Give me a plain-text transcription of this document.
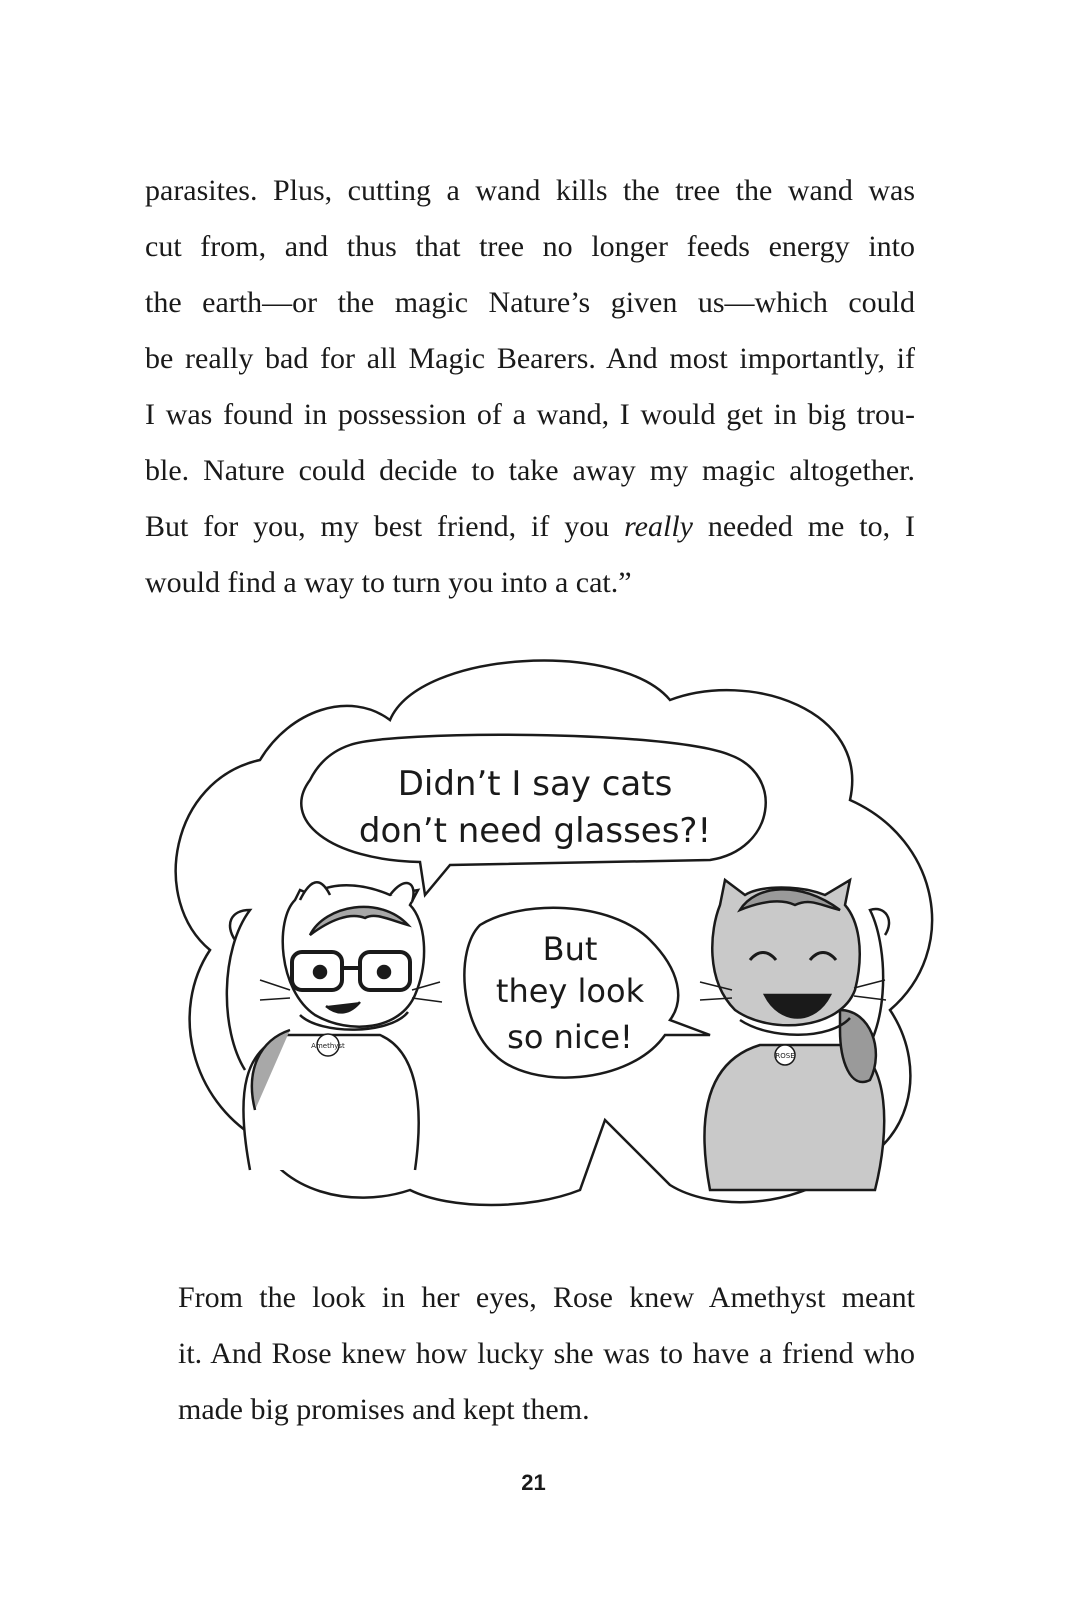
parasites. Plus, cutting a wand kills the tree the wand was
cut from, and thus that tree no longer feeds energy into
the earth—or the magic Nature’s given us—which could
be really bad for all Magic Bearers. And most importantly, if
I was found in possession of a wand, I would get in big trou-
ble. Nature could decide to take away my magic altogether.
But for you, my best friend, if you really needed me to, I
would find a way to turn you into a cat.”
Amethyst
ROSE
Didn’t I say cats
don’t need glasses?!
But
they look
so nice!
From the look in her eyes, Rose knew Amethyst meant
it. And Rose knew how lucky she was to have a friend who
made big promises and kept them.
21
